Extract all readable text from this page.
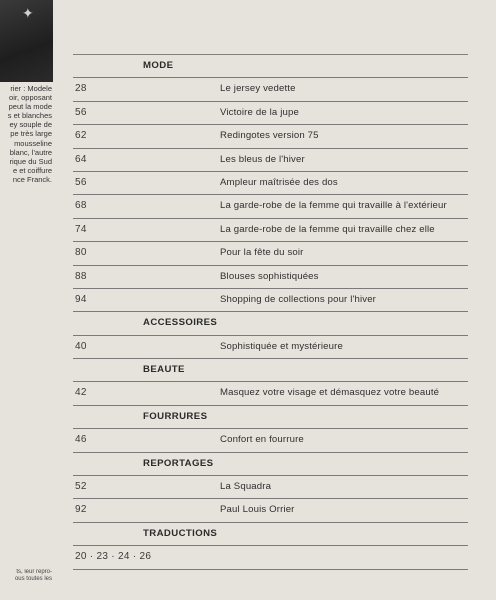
✦
rier : Modele
oir, opposant
peut la mode
s et blanches
ey souple de
pe très large
mousseline
blanc, l'autre
rique du Sud
e et coiffure
nce Franck.
ts, leur repro-
ous toutes les
MODE
28	Le jersey vedette
56	Victoire de la jupe
62	Redingotes version 75
64	Les bleus de l'hiver
56	Ampleur maîtrisée des dos
68	La garde-robe de la femme qui travaille à l'extérieur
74	La garde-robe de la femme qui travaille chez elle
80	Pour la fête du soir
88	Blouses sophistiquées
94	Shopping de collections pour l'hiver
ACCESSOIRES
40	Sophistiquée et mystérieure
BEAUTE
42	Masquez votre visage et démasquez votre beauté
FOURRURES
46	Confort en fourrure
REPORTAGES
52	La Squadra
92	Paul Louis Orrier
TRADUCTIONS
20 · 23 · 24 · 26
